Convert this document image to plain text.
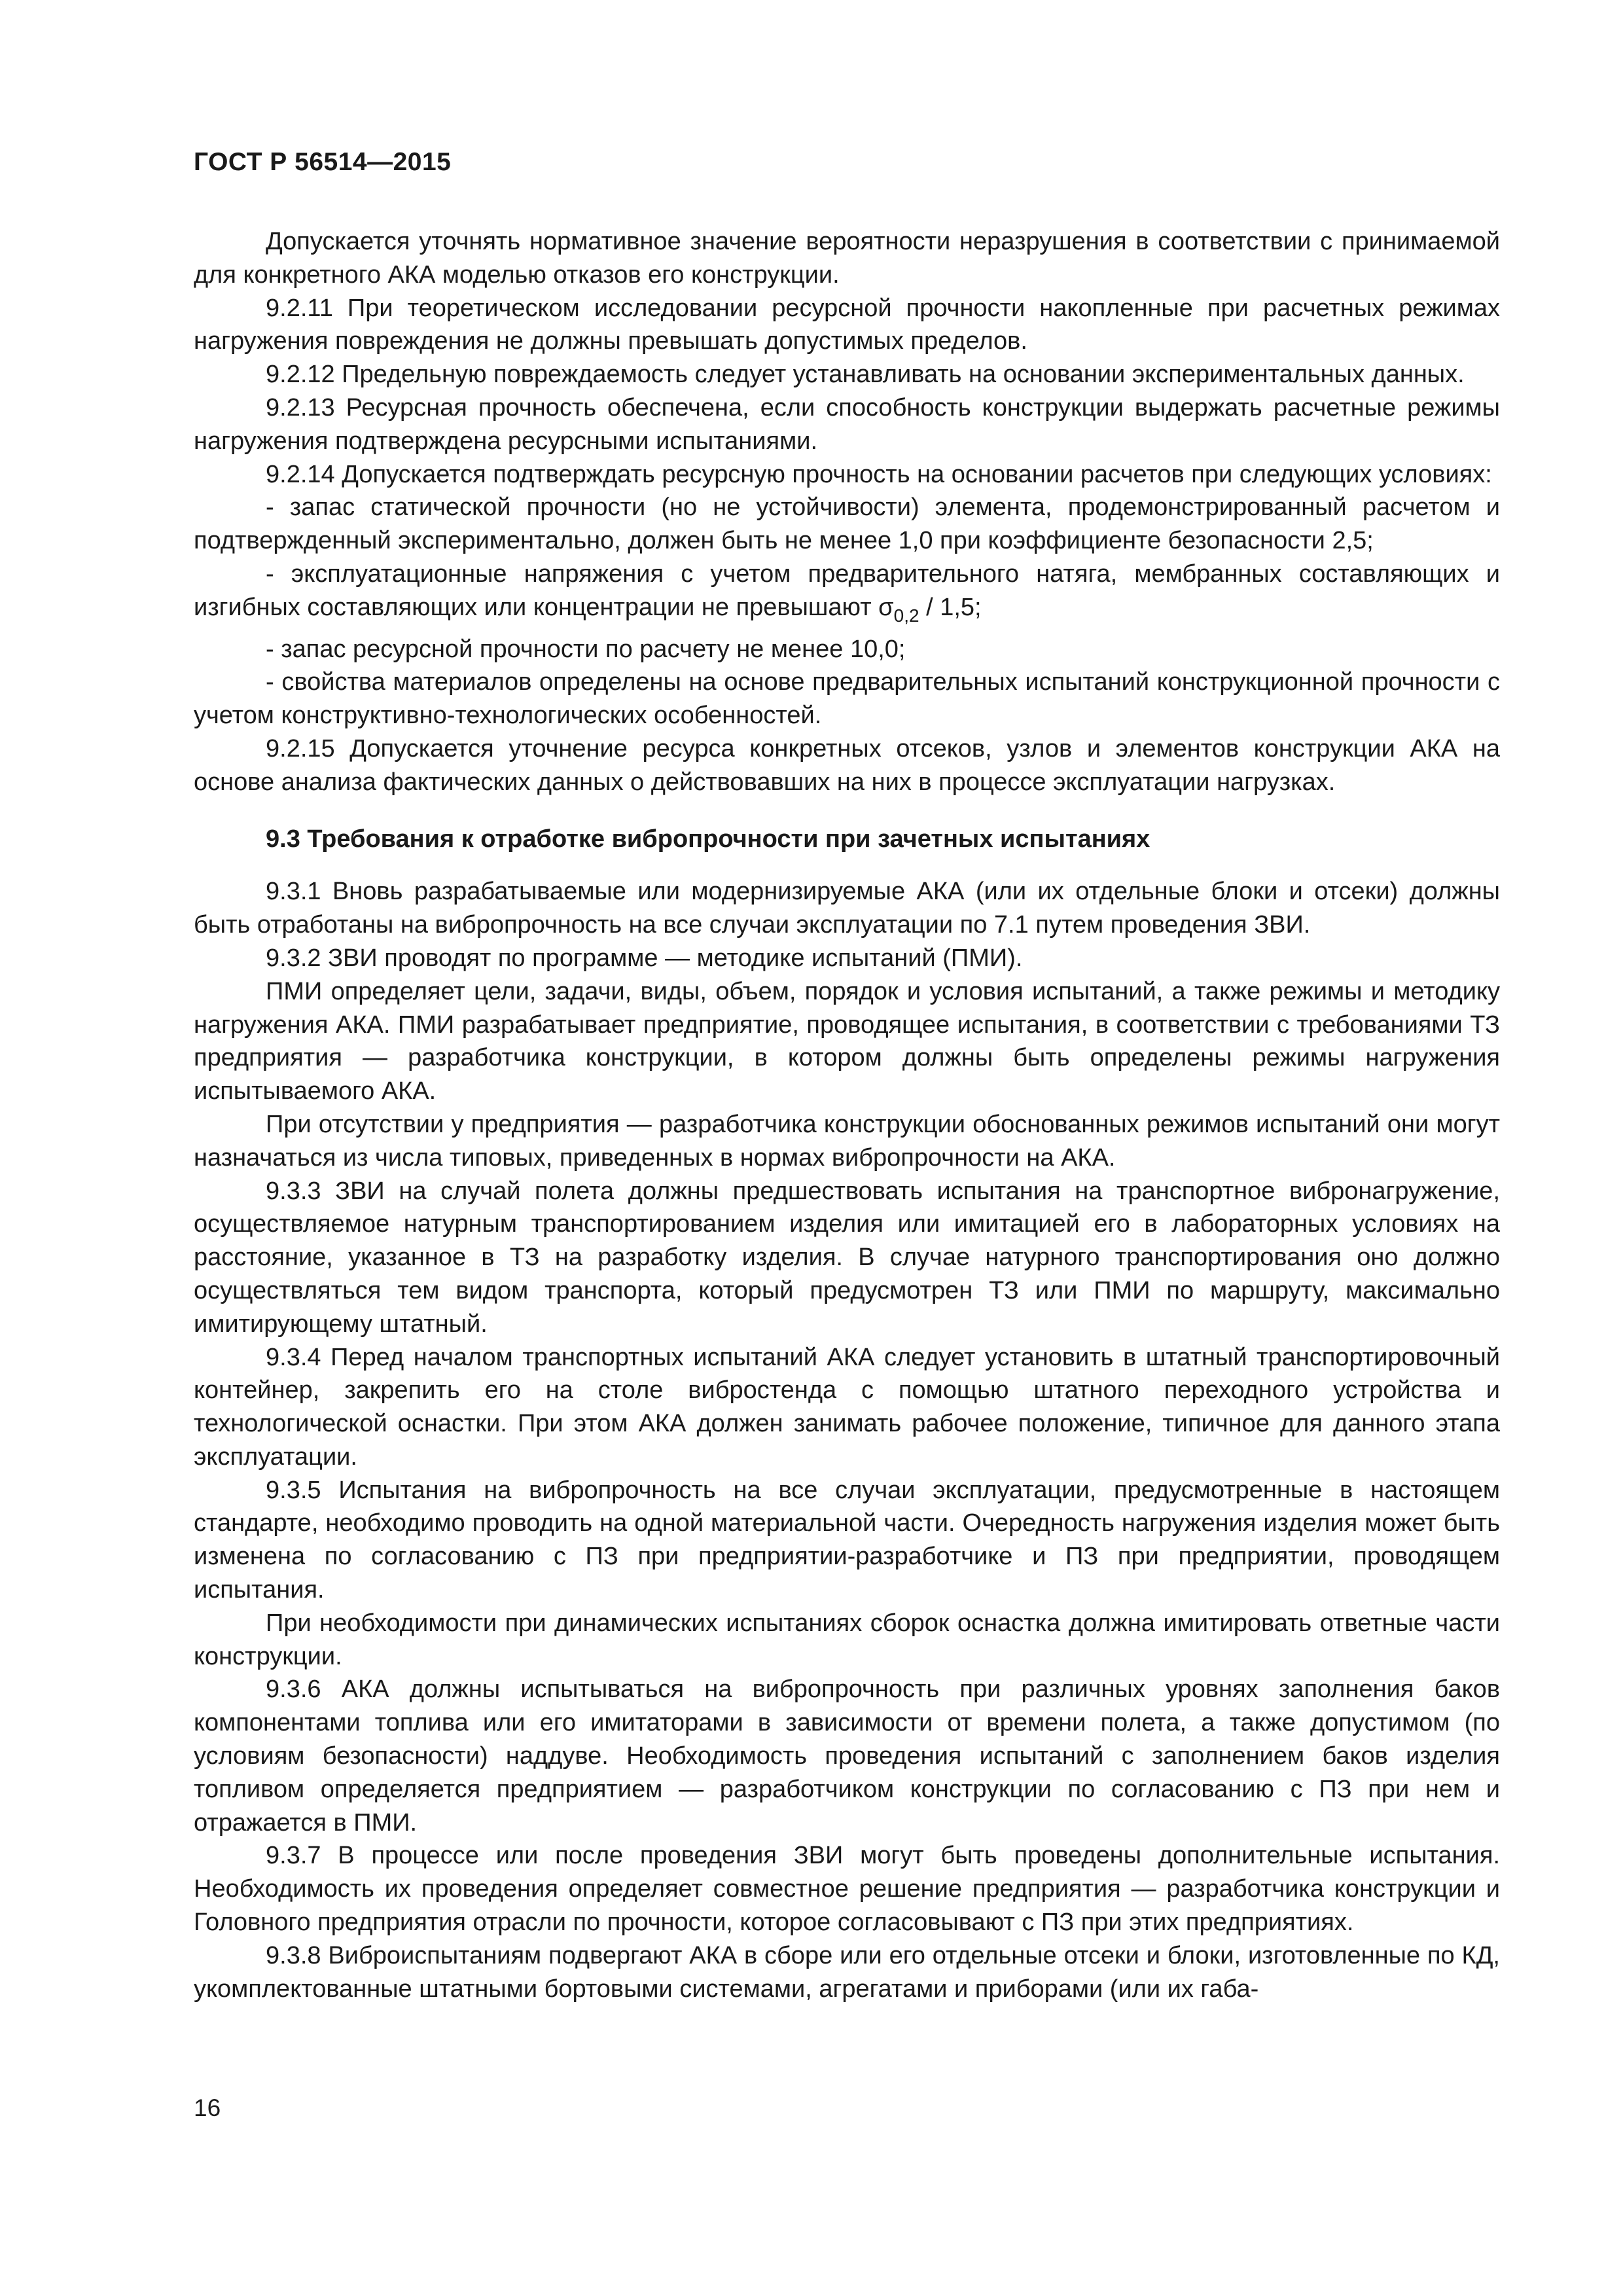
ГОСТ Р 56514—2015

Допускается уточнять нормативное значение вероятности неразрушения в соответствии с принимаемой для конкретного АКА моделью отказов его конструкции.

9.2.11 При теоретическом исследовании ресурсной прочности накопленные при расчетных режимах нагружения повреждения не должны превышать допустимых пределов.

9.2.12 Предельную повреждаемость следует устанавливать на основании экспериментальных данных.

9.2.13 Ресурсная прочность обеспечена, если способность конструкции выдержать расчетные режимы нагружения подтверждена ресурсными испытаниями.

9.2.14 Допускается подтверждать ресурсную прочность на основании расчетов при следующих условиях:

- запас статической прочности (но не устойчивости) элемента, продемонстрированный расчетом и подтвержденный экспериментально, должен быть не менее 1,0 при коэффициенте безопасности 2,5;

- эксплуатационные напряжения с учетом предварительного натяга, мембранных составляющих и изгибных составляющих или концентрации не превышают $\sigma_{0,2} / 1,5$;

- запас ресурсной прочности по расчету не менее 10,0;

- свойства материалов определены на основе предварительных испытаний конструкционной прочности с учетом конструктивно-технологических особенностей.

9.2.15 Допускается уточнение ресурса конкретных отсеков, узлов и элементов конструкции АКА на основе анализа фактических данных о действовавших на них в процессе эксплуатации нагрузках.

9.3 Требования к отработке вибропрочности при зачетных испытаниях

9.3.1 Вновь разрабатываемые или модернизируемые АКА (или их отдельные блоки и отсеки) должны быть отработаны на вибропрочность на все случаи эксплуатации по 7.1 путем проведения ЗВИ.

9.3.2 ЗВИ проводят по программе — методике испытаний (ПМИ).

ПМИ определяет цели, задачи, виды, объем, порядок и условия испытаний, а также режимы и методику нагружения АКА. ПМИ разрабатывает предприятие, проводящее испытания, в соответствии с требованиями ТЗ предприятия — разработчика конструкции, в котором должны быть определены режимы нагружения испытываемого АКА.

При отсутствии у предприятия — разработчика конструкции обоснованных режимов испытаний они могут назначаться из числа типовых, приведенных в нормах вибропрочности на АКА.

9.3.3 ЗВИ на случай полета должны предшествовать испытания на транспортное вибронагружение, осуществляемое натурным транспортированием изделия или имитацией его в лабораторных условиях на расстояние, указанное в ТЗ на разработку изделия. В случае натурного транспортирования оно должно осуществляться тем видом транспорта, который предусмотрен ТЗ или ПМИ по маршруту, максимально имитирующему штатный.

9.3.4 Перед началом транспортных испытаний АКА следует установить в штатный транспортировочный контейнер, закрепить его на столе вибростенда с помощью штатного переходного устройства и технологической оснастки. При этом АКА должен занимать рабочее положение, типичное для данного этапа эксплуатации.

9.3.5 Испытания на вибропрочность на все случаи эксплуатации, предусмотренные в настоящем стандарте, необходимо проводить на одной материальной части. Очередность нагружения изделия может быть изменена по согласованию с ПЗ при предприятии-разработчике и ПЗ при предприятии, проводящем испытания.

При необходимости при динамических испытаниях сборок оснастка должна имитировать ответные части конструкции.

9.3.6 АКА должны испытываться на вибропрочность при различных уровнях заполнения баков компонентами топлива или его имитаторами в зависимости от времени полета, а также допустимом (по условиям безопасности) наддуве. Необходимость проведения испытаний с заполнением баков изделия топливом определяется предприятием — разработчиком конструкции по согласованию с ПЗ при нем и отражается в ПМИ.

9.3.7 В процессе или после проведения ЗВИ могут быть проведены дополнительные испытания. Необходимость их проведения определяет совместное решение предприятия — разработчика конструкции и Головного предприятия отрасли по прочности, которое согласовывают с ПЗ при этих предприятиях.

9.3.8 Виброиспытаниям подвергают АКА в сборе или его отдельные отсеки и блоки, изготовленные по КД, укомплектованные штатными бортовыми системами, агрегатами и приборами (или их габа-

16
